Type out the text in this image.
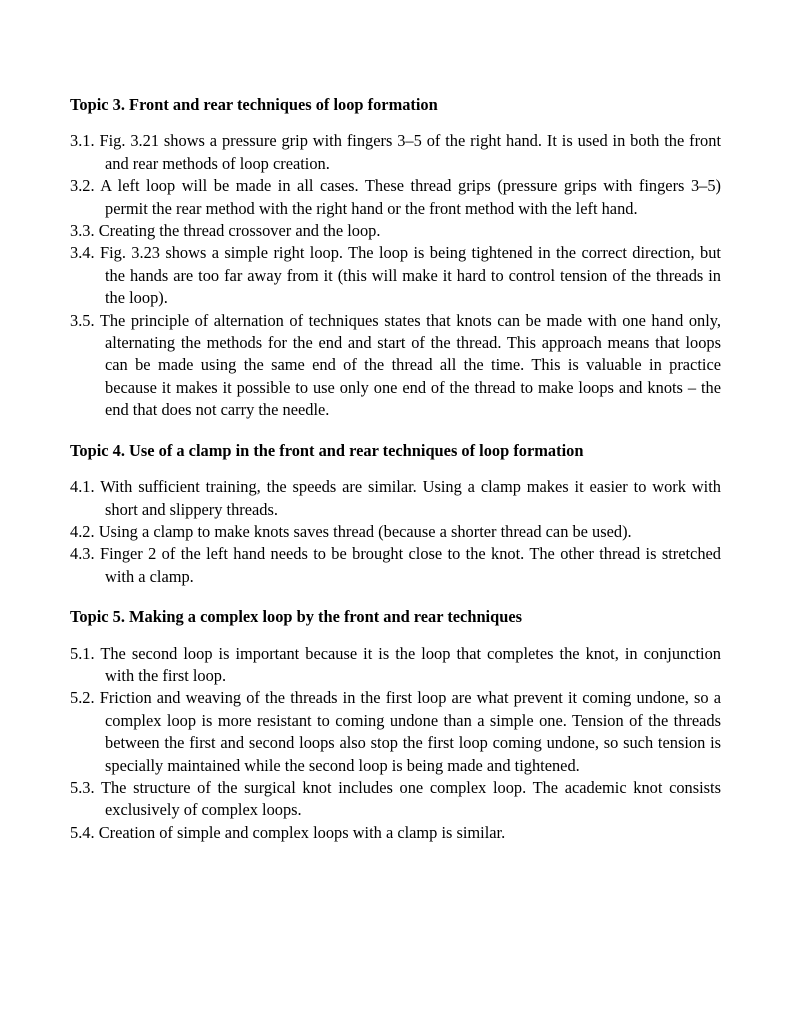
Topic 3. Front and rear techniques of loop formation

3.1. Fig. 3.21 shows a pressure grip with fingers 3–5 of the right hand. It is used in both the front and rear methods of loop creation.

3.2. A left loop will be made in all cases. These thread grips (pressure grips with fingers 3–5) permit the rear method with the right hand or the front method with the left hand.

3.3. Creating the thread crossover and the loop.

3.4. Fig. 3.23 shows a simple right loop. The loop is being tightened in the correct direction, but the hands are too far away from it (this will make it hard to control tension of the threads in the loop).

3.5. The principle of alternation of techniques states that knots can be made with one hand only, alternating the methods for the end and start of the thread. This approach means that loops can be made using the same end of the thread all the time. This is valuable in practice because it makes it possible to use only one end of the thread to make loops and knots – the end that does not carry the needle.

Topic 4. Use of a clamp in the front and rear techniques of loop formation

4.1. With sufficient training, the speeds are similar. Using a clamp makes it easier to work with short and slippery threads.

4.2. Using a clamp to make knots saves thread (because a shorter thread can be used).

4.3. Finger 2 of the left hand needs to be brought close to the knot. The other thread is stretched with a clamp.

Topic 5. Making a complex loop by the front and rear techniques

5.1. The second loop is important because it is the loop that completes the knot, in conjunction with the first loop.

5.2. Friction and weaving of the threads in the first loop are what prevent it coming undone, so a complex loop is more resistant to coming undone than a simple one. Tension of the threads between the first and second loops also stop the first loop coming undone, so such tension is specially maintained while the second loop is being made and tightened.

5.3. The structure of the surgical knot includes one complex loop. The academic knot consists exclusively of complex loops.

5.4. Creation of simple and complex loops with a clamp is similar.
